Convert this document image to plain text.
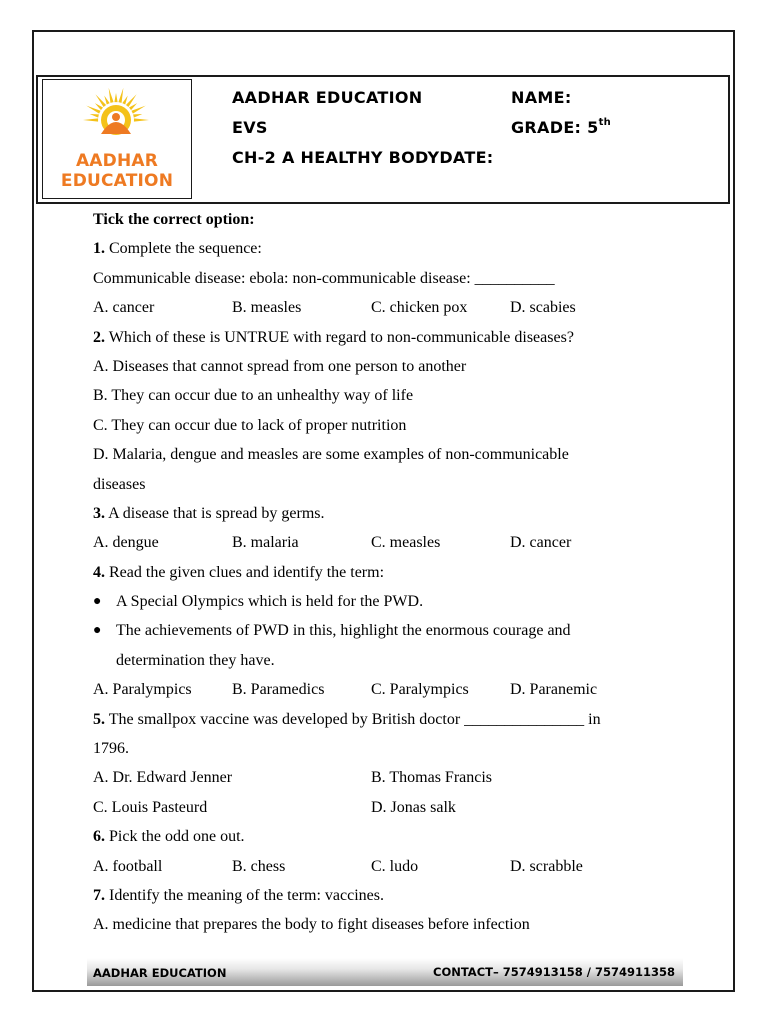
AADHAR
EDUCATION
AADHAR EDUCATION
EVS
CH-2 A HEALTHY BODYDATE:
NAME:
GRADE: 5th
Tick the correct option:
1. Complete the sequence:
Communicable disease: ebola: non-communicable disease: __________
A. cancer	B. measles	C. chicken pox	D. scabies
2. Which of these is UNTRUE with regard to non-communicable diseases?
A. Diseases that cannot spread from one person to another
B. They can occur due to an unhealthy way of life
C. They can occur due to lack of proper nutrition
D. Malaria, dengue and measles are some examples of non-communicable
diseases
3. A disease that is spread by germs.
A. dengue	B. malaria	C. measles	D. cancer
4. Read the given clues and identify the term:
● A Special Olympics which is held for the PWD.
● The achievements of PWD in this, highlight the enormous courage and
determination they have.
A. Paralympics	B. Paramedics	C. Paralympics	D. Paranemic
5. The smallpox vaccine was developed by British doctor _______________ in
1796.
A. Dr. Edward Jenner	B. Thomas Francis
C. Louis Pasteurd	D. Jonas salk
6. Pick the odd one out.
A. football	B. chess	C. ludo	D. scrabble
7. Identify the meaning of the term: vaccines.
A. medicine that prepares the body to fight diseases before infection
AADHAR EDUCATION	CONTACT– 7574913158 / 7574911358
